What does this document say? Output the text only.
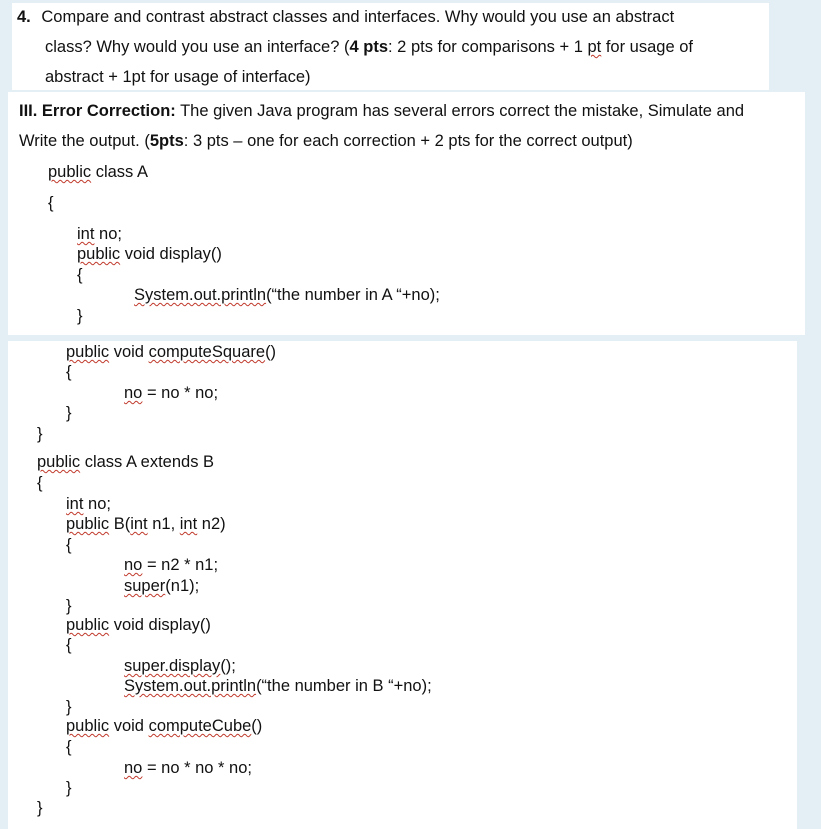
4. Compare and contrast abstract classes and interfaces. Why would you use an abstract
class? Why would you use an interface? (4 pts: 2 pts for comparisons + 1 pt for usage of
abstract + 1pt for usage of interface)
III. Error Correction: The given Java program has several errors correct the mistake, Simulate and
Write the output. (5pts: 3 pts – one for each correction + 2 pts for the correct output)
public class A
{
int no;
public void display()
{
System.out.println(“the number in A “+no);
}
public void computeSquare()
{
no = no * no;
}
}
public class A extends B
{
int no;
public B(int n1, int n2)
{
no = n2 * n1;
super(n1);
}
public void display()
{
super.display();
System.out.println(“the number in B “+no);
}
public void computeCube()
{
no = no * no * no;
}
}
